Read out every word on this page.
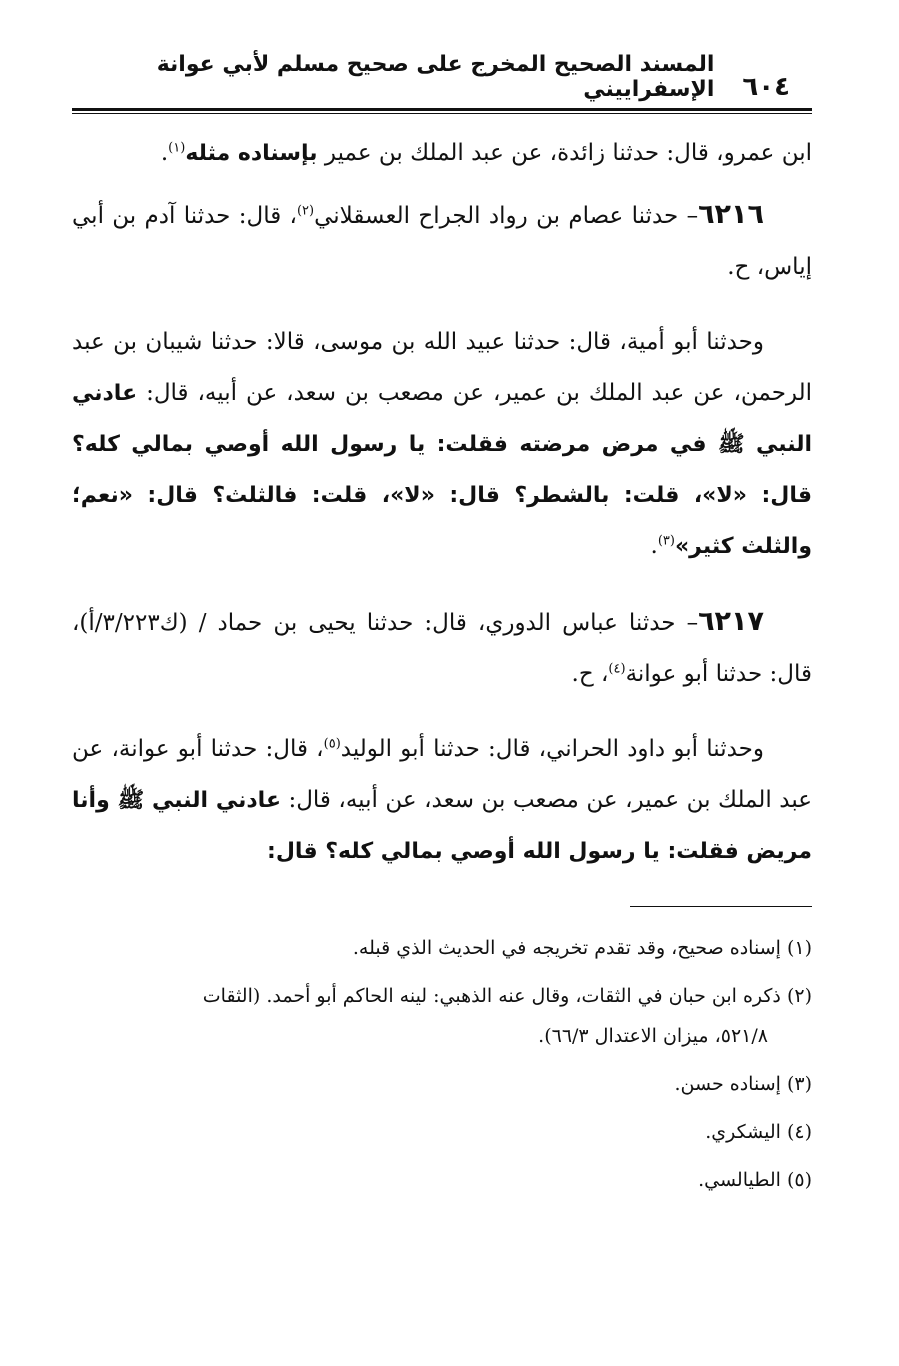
٦٠٤
المسند الصحيح المخرج على صحيح مسلم لأبي عوانة الإسفراييني

ابن عمرو، قال: حدثنا زائدة، عن عبد الملك بن عمير بإسناده مثله$^{(١)}$.

٦٢١٦– حدثنا عصام بن رواد الجراح العسقلاني$^{(٢)}$، قال: حدثنا آدم بن أبي إياس، ح.

وحدثنا أبو أمية، قال: حدثنا عبيد الله بن موسى، قالا: حدثنا شيبان بن عبد الرحمن، عن عبد الملك بن عمير، عن مصعب بن سعد، عن أبيه، قال: عادني النبي ﷺ في مرض مرضته فقلت: يا رسول الله أوصي بمالي كله؟ قال: «لا»، قلت: بالشطر؟ قال: «لا»، قلت: فالثلث؟ قال: «نعم؛ والثلث كثير»$^{(٣)}$.

٦٢١٧– حدثنا عباس الدوري، قال: حدثنا يحيى بن حماد / (ك٣/٢٢٣/أ)، قال: حدثنا أبو عوانة$^{(٤)}$، ح.

وحدثنا أبو داود الحراني، قال: حدثنا أبو الوليد$^{(٥)}$، قال: حدثنا أبو عوانة، عن عبد الملك بن عمير، عن مصعب بن سعد، عن أبيه، قال: عادني النبي ﷺ وأنا مريض فقلت: يا رسول الله أوصي بمالي كله؟ قال:

(١) إسناده صحيح، وقد تقدم تخريجه في الحديث الذي قبله.

(٢) ذكره ابن حبان في الثقات، وقال عنه الذهبي: لينه الحاكم أبو أحمد. (الثقات
٥٢١/٨، ميزان الاعتدال ٦٦/٣).

(٣) إسناده حسن.

(٤) اليشكري.

(٥) الطيالسي.
